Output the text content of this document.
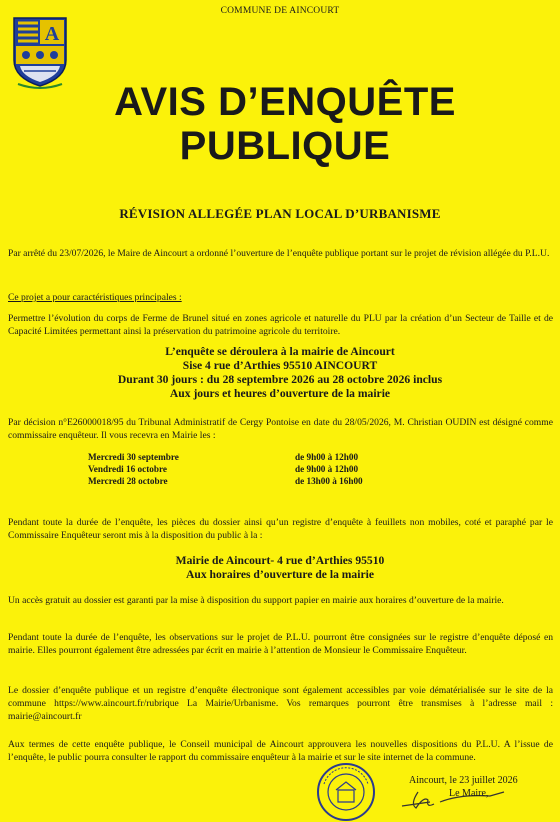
COMMUNE DE AINCOURT
A
AVIS D’ENQUÊTE
PUBLIQUE
RÉVISION ALLEGÉE PLAN LOCAL D’URBANISME
Par arrêté du 23/07/2026, le Maire de Aincourt a ordonné l’ouverture de l’enquête publique portant sur le projet de révision allégée du P.L.U.
Ce projet a pour caractéristiques principales :
Permettre l’évolution du corps de Ferme de Brunel situé en zones agricole et naturelle du PLU par la création d’un Secteur de Taille et de Capacité Limitées permettant ainsi la préservation du patrimoine agricole du territoire.
L’enquête se déroulera à la mairie de Aincourt
Sise 4 rue d’Arthies 95510 AINCOURT
Durant 30 jours : du 28 septembre 2026 au 28 octobre 2026 inclus
Aux jours et heures d’ouverture de la mairie
Par décision n°E26000018/95 du Tribunal Administratif de Cergy Pontoise en date du 28/05/2026, M. Christian OUDIN est désigné comme commissaire enquêteur. Il vous recevra en Mairie les :
Mercredi 30 septembre	de 9h00 à 12h00
Vendredi 16 octobre	de 9h00 à 12h00
Mercredi 28 octobre	de 13h00 à 16h00
Pendant toute la durée de l’enquête, les pièces du dossier ainsi qu’un registre d’enquête à feuillets non mobiles, coté et paraphé par le Commissaire Enquêteur seront mis à la disposition du public à la :
Mairie de Aincourt- 4 rue d’Arthies 95510
Aux horaires d’ouverture de la mairie
Un accès gratuit au dossier est garanti par la mise à disposition du support papier en mairie aux horaires d’ouverture de la mairie.
Pendant toute la durée de l’enquête, les observations sur le projet de P.L.U. pourront être consignées sur le registre d’enquête déposé en mairie. Elles pourront également être adressées par écrit en mairie à l’attention de Monsieur le Commissaire Enquêteur.
Le dossier d’enquête publique et un registre d’enquête électronique sont également accessibles par voie dématérialisée sur le site de la commune https://www.aincourt.fr/rubrique La Mairie/Urbanisme. Vos remarques pourront être transmises à l’adresse mail : mairie@aincourt.fr
Aux termes de cette enquête publique, le Conseil municipal de Aincourt approuvera les nouvelles dispositions du P.L.U. A l’issue de l’enquête, le public pourra consulter le rapport du commissaire enquêteur à la mairie et sur le site internet de la commune.
Aincourt, le 23 juillet 2026
Le Maire,
